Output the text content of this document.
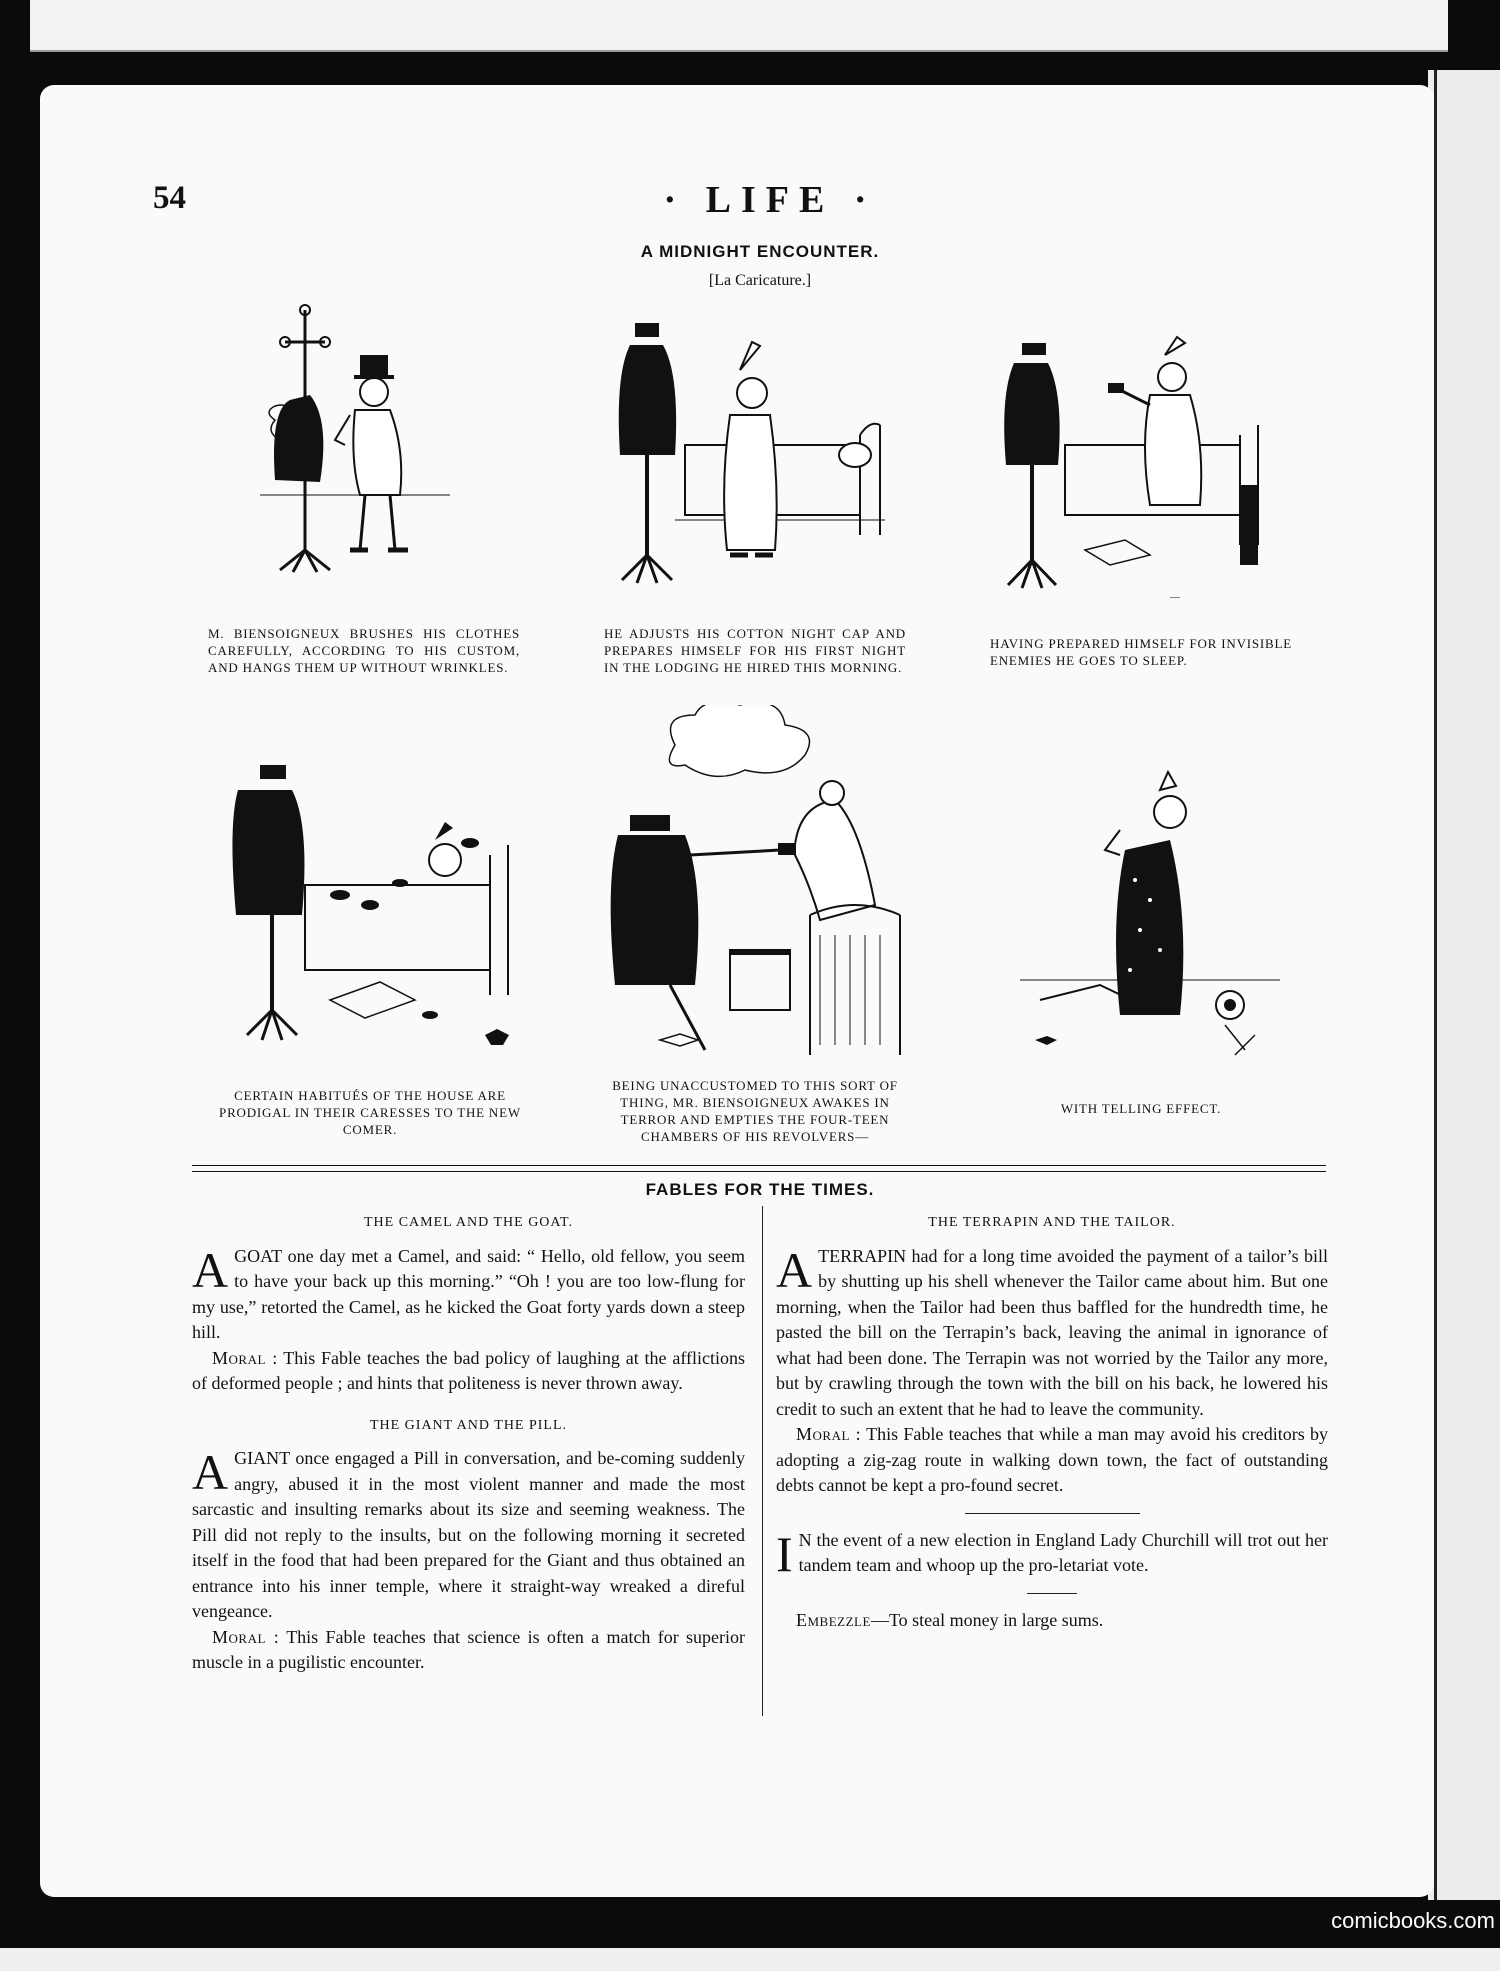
54	· LIFE ·
A MIDNIGHT ENCOUNTER.
[La Caricature.]
M. BIENSOIGNEUX BRUSHES HIS CLOTHES CAREFULLY, ACCORDING TO HIS CUSTOM, AND HANGS THEM UP WITHOUT WRINKLES.
HE ADJUSTS HIS COTTON NIGHT CAP AND PREPARES HIMSELF FOR HIS FIRST NIGHT IN THE LODGING HE HIRED THIS MORNING.
—
HAVING PREPARED HIMSELF FOR INVISIBLE ENEMIES HE GOES TO SLEEP.
CERTAIN HABITUÉS OF THE HOUSE ARE PRODIGAL IN THEIR CARESSES TO THE NEW COMER.
BEING UNACCUSTOMED TO THIS SORT OF THING, MR. BIENSOIGNEUX AWAKES IN TERROR AND EMPTIES THE FOUR-TEEN CHAMBERS OF HIS REVOLVERS—
WITH TELLING EFFECT.
FABLES FOR THE TIMES.
THE CAMEL AND THE GOAT.

AGOAT one day met a Camel, and said: “ Hello, old fellow, you seem to have your back up this morning.” “Oh ! you are too low-flung for my use,” retorted the Camel, as he kicked the Goat forty yards down a steep hill.

Moral : This Fable teaches the bad policy of laughing at the afflictions of deformed people ; and hints that politeness is never thrown away.

THE GIANT AND THE PILL.

AGIANT once engaged a Pill in conversation, and be-coming suddenly angry, abused it in the most violent manner and made the most sarcastic and insulting remarks about its size and seeming weakness. The Pill did not reply to the insults, but on the following morning it secreted itself in the food that had been prepared for the Giant and thus obtained an entrance into his inner temple, where it straight-way wreaked a direful vengeance.

Moral : This Fable teaches that science is often a match for superior muscle in a pugilistic encounter.

THE TERRAPIN AND THE TAILOR.

ATERRAPIN had for a long time avoided the payment of a tailor’s bill by shutting up his shell whenever the Tailor came about him. But one morning, when the Tailor had been thus baffled for the hundredth time, he pasted the bill on the Terrapin’s back, leaving the animal in ignorance of what had been done. The Terrapin was not worried by the Tailor any more, but by crawling through the town with the bill on his back, he lowered his credit to such an extent that he had to leave the community.

Moral : This Fable teaches that while a man may avoid his creditors by adopting a zig-zag route in walking down town, the fact of outstanding debts cannot be kept a pro-found secret.

I N the event of a new election in England Lady Churchill will trot out her tandem team and whoop up the pro-letariat vote.

Embezzle—To steal money in large sums.

comicbooks.com
